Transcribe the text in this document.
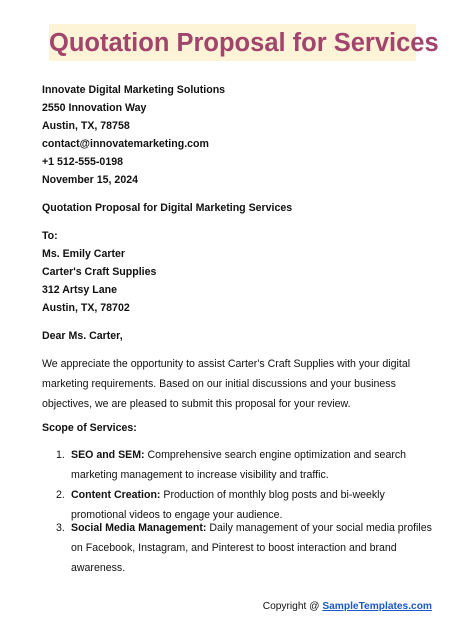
Quotation Proposal for Services
Innovate Digital Marketing Solutions
2550 Innovation Way
Austin, TX, 78758
contact@innovatemarketing.com
+1 512-555-0198
November 15, 2024
Quotation Proposal for Digital Marketing Services
To:
Ms. Emily Carter
Carter's Craft Supplies
312 Artsy Lane
Austin, TX, 78702
Dear Ms. Carter,
We appreciate the opportunity to assist Carter's Craft Supplies with your digital marketing requirements. Based on our initial discussions and your business objectives, we are pleased to submit this proposal for your review.
Scope of Services:
1. SEO and SEM: Comprehensive search engine optimization and search marketing management to increase visibility and traffic.
2. Content Creation: Production of monthly blog posts and bi-weekly promotional videos to engage your audience.
3. Social Media Management: Daily management of your social media profiles on Facebook, Instagram, and Pinterest to boost interaction and brand awareness.
Copyright @ SampleTemplates.com
